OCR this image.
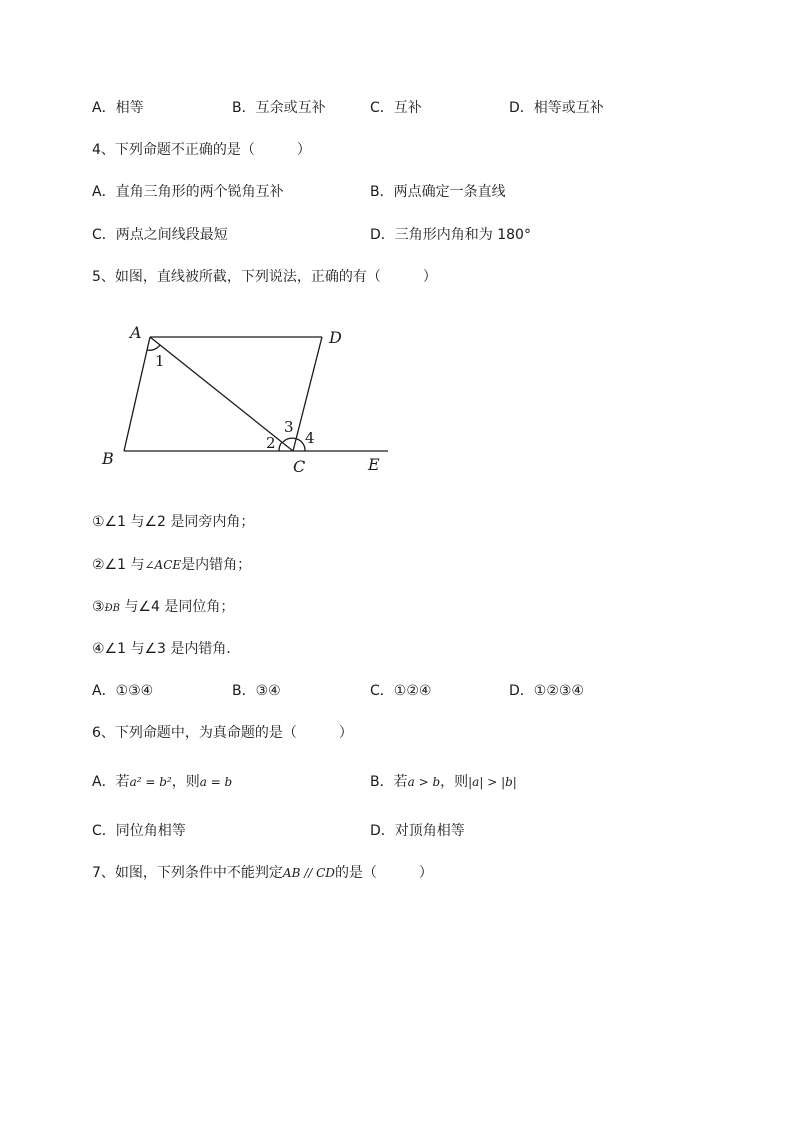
A．相等	B．互余或互补	C．互补	D．相等或互补
4、下列命题不正确的是（　　　）
A．直角三角形的两个锐角互补	B．两点确定一条直线
C．两点之间线段最短	D．三角形内角和为 180°
5、如图，直线被所截，下列说法，正确的有（　　　）
A	D
B	C	E
1
2
3
4
①∠1 与∠2 是同旁内角；
②∠1 与∠ACE是内错角；
③ÐB 与∠4 是同位角；
④∠1 与∠3 是内错角．
A．①③④	B．③④	C．①②④	D．①②③④
6、下列命题中，为真命题的是（　　　）
A．若a² = b²，则a = b	B．若a > b，则|a| > |b|
C．同位角相等	D．对顶角相等
7、如图，下列条件中不能判定AB // CD的是（　　　）
